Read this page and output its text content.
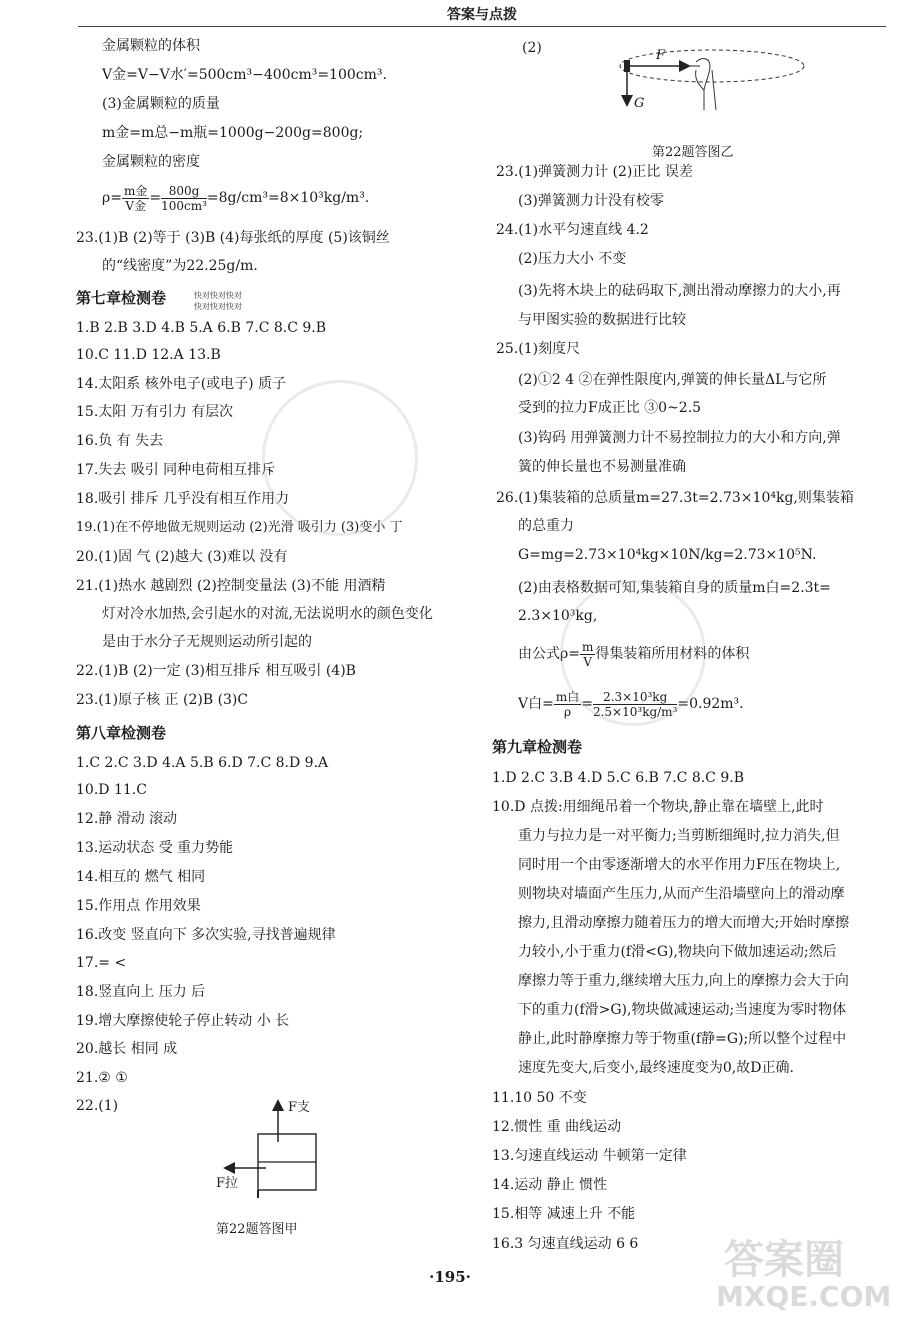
答案与点拨
金属颗粒的体积
V金=V−V水′=500cm³−400cm³=100cm³.
(3)金属颗粒的质量
m金=m总−m瓶=1000g−200g=800g;
金属颗粒的密度
$\rho= \frac{\text{m金}}{\text{V金}} = \frac{800g}{\text{100cm³}} =8g/cm^3=8\times 10^3kg/m^3$.
23.(1)B (2)等于 (3)B (4)每张纸的厚度 (5)该铜丝
的“线密度”为22.25g/m.
第七章检测卷	快对快对快对
快对快对快对
1.B 2.B 3.D 4.B 5.A 6.B 7.C 8.C 9.B
10.C 11.D 12.A 13.B
14.太阳系 核外电子(或电子) 质子
15.太阳 万有引力 有层次
16.负 有 失去
17.失去 吸引 同种电荷相互排斥
18.吸引 排斥 几乎没有相互作用力
19.(1)在不停地做无规则运动 (2)光滑 吸引力 (3)变小 丁
20.(1)固 气 (2)越大 (3)难以 没有
21.(1)热水 越剧烈 (2)控制变量法 (3)不能 用酒精
灯对冷水加热,会引起水的对流,无法说明水的颜色变化
是由于水分子无规则运动所引起的
22.(1)B (2)一定 (3)相互排斥 相互吸引 (4)B
23.(1)原子核 正 (2)B (3)C
第八章检测卷
1.C 2.C 3.D 4.A 5.B 6.D 7.C 8.D 9.A
10.D 11.C
12.静 滑动 滚动
13.运动状态 受 重力势能
14.相互的 燃气 相同
15.作用点 作用效果
16.改变 竖直向下 多次实验,寻找普遍规律
17.= <
18.竖直向上 压力 后
19.增大摩擦使轮子停止转动 小 长
20.越长 相同 成
21.② ①
22.(1)	F支
F拉
第22题答图甲
(2)	F
G
第22题答图乙
23.(1)弹簧测力计 (2)正比 误差
(3)弹簧测力计没有校零
24.(1)水平匀速直线 4.2
(2)压力大小 不变
(3)先将木块上的砝码取下,测出滑动摩擦力的大小,再
与甲图实验的数据进行比较
25.(1)刻度尺
(2)①2 4 ②在弹性限度内,弹簧的伸长量ΔL与它所
受到的拉力F成正比 ③0~2.5
(3)钩码 用弹簧测力计不易控制拉力的大小和方向,弹
簧的伸长量也不易测量准确
26.(1)集装箱的总质量m=27.3t=2.73×10⁴kg,则集装箱
的总重力
G=mg=2.73×10⁴kg×10N/kg=2.73×10⁵N.
(2)由表格数据可知,集装箱自身的质量m白=2.3t=
2.3×10³kg,
由公式$\rho= \frac{m}{V}$ 得集装箱所用材料的体积
V白= $\frac{\text{m白}}{\rho} = \frac{\text{2.3×10³kg}}{\text{2.5×10³kg/m³}} =0.92m^3$.
第九章检测卷
1.D 2.C 3.B 4.D 5.C 6.B 7.C 8.C 9.B
10.D 点拨:用细绳吊着一个物块,静止靠在墙壁上,此时
重力与拉力是一对平衡力;当剪断细绳时,拉力消失,但
同时用一个由零逐渐增大的水平作用力F压在物块上,
则物块对墙面产生压力,从而产生沿墙壁向上的滑动摩
擦力,且滑动摩擦力随着压力的增大而增大;开始时摩擦
力较小,小于重力(f滑<G),物块向下做加速运动;然后
摩擦力等于重力,继续增大压力,向上的摩擦力会大于向
下的重力(f滑>G),物块做减速运动;当速度为零时物体
静止,此时静摩擦力等于物重(f静=G);所以整个过程中
速度先变大,后变小,最终速度变为0,故D正确.
11.10 50 不变
12.惯性 重 曲线运动
13.匀速直线运动 牛顿第一定律
14.运动 静止 惯性
15.相等 减速上升 不能
16.3 匀速直线运动 6 6
·195·	答案圈
MXQE.COM
